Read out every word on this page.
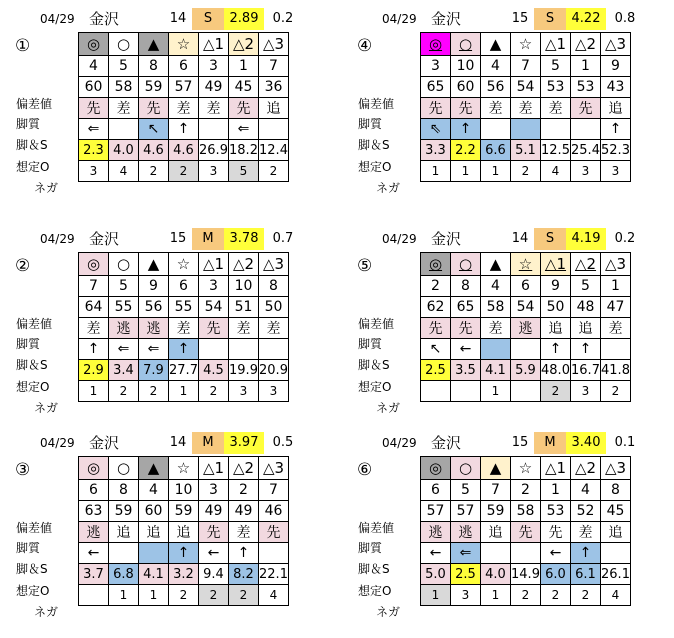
04/29 金沢	14	S	2.89	0.2
①	◎	○	▲	☆	△1	△2	△3
4	5	8	6	3	1	7
60	58	59	57	49	45	36
先	差	先	差	差	先	追
⇐		↖	↑		⇐	
2.3	4.0	4.6	4.6	26.9	18.2	12.4
3	4	2	2	3	5	2
偏差値
脚質
脚＆S
想定O
ネガ
04/29 金沢	15	S	4.22	0.8
④	◎	○	▲	☆	△1	△2	△3
3	10	4	7	5	1	9
65	60	56	54	53	53	43
先	先	差	差	差	先	追
⇖	↑					↑
3.3	2.2	6.6	5.1	12.5	25.4	52.3
1	1	1	2	4	3	3
偏差値
脚質
脚＆S
想定O
ネガ
04/29 金沢	15	M	3.78	0.7
②	◎	○	▲	☆	△1	△2	△3
7	5	9	6	3	10	8
64	55	56	55	54	51	50
差	逃	逃	差	先	差	差
↑	⇐	⇐	↑			
2.9	3.4	7.9	27.7	4.5	19.9	20.9
1	2	2	1	2	3	3
偏差値
脚質
脚＆S
想定O
ネガ
04/29 金沢	14	S	4.19	0.2
⑤	◎	○	▲	☆	△1	△2	△3
2	8	4	6	9	5	1
62	65	58	54	50	48	47
先	先	差	逃	追	追	差
↖	←			↑	↑	
2.5	3.5	4.1	5.9	48.0	16.7	41.8
		1		2	3	2
偏差値
脚質
脚＆S
想定O
ネガ
04/29 金沢	14	M	3.97	0.5
③	◎	○	▲	☆	△1	△2	△3
6	8	4	10	3	2	7
63	59	60	59	49	49	46
逃	追	追	追	先	差	先
←			↑	←	↑	
3.7	6.8	4.1	3.2	9.4	8.2	22.1
	1	1	2	2	2	4
偏差値
脚質
脚＆S
想定O
ネガ
04/29 金沢	15	M	3.40	0.1
⑥	◎	○	▲	☆	△1	△2	△3
6	5	7	2	1	4	8
57	57	59	58	53	52	45
逃	逃	追	先	先	差	追
←	⇐			←	↑	
5.0	2.5	4.0	14.9	6.0	6.1	26.1
1	3	1	2	2	2	4
偏差値
脚質
脚＆S
想定O
ネガ
